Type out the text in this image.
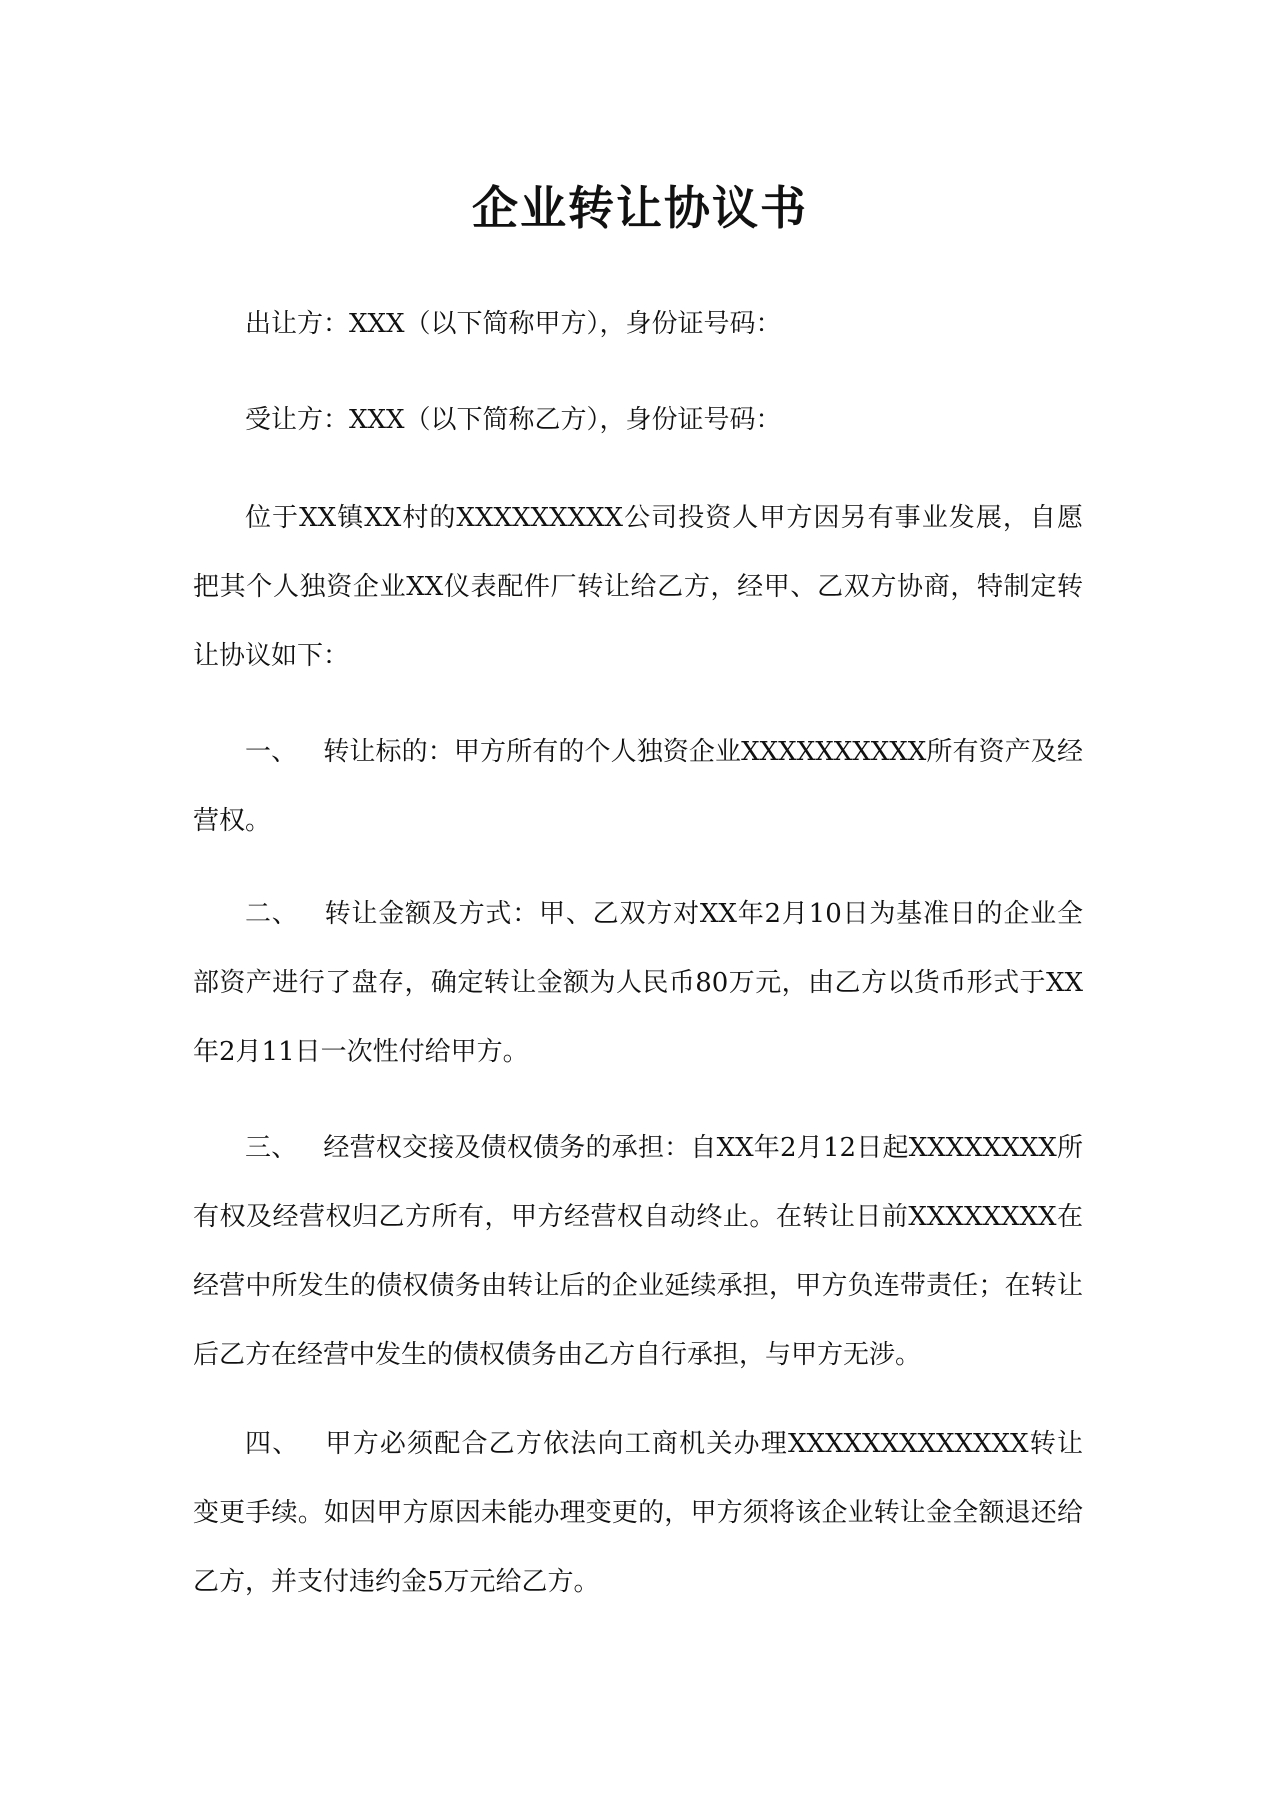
企业转让协议书

出让方：XXX（以下简称甲方），身份证号码：

受让方：XXX（以下简称乙方），身份证号码：

位于XX镇XX村的XXXXXXXXX公司投资人甲方因另有事业发展，自愿把其个人独资企业XX仪表配件厂转让给乙方，经甲、乙双方协商，特制定转让协议如下：

一、 转让标的：甲方所有的个人独资企业XXXXXXXXXX所有资产及经营权。

二、 转让金额及方式：甲、乙双方对XX年2月10日为基准日的企业全部资产进行了盘存，确定转让金额为人民币80万元，由乙方以货币形式于XX年2月11日一次性付给甲方。

三、 经营权交接及债权债务的承担：自XX年2月12日起XXXXXXXX所有权及经营权归乙方所有，甲方经营权自动终止。在转让日前XXXXXXXX在经营中所发生的债权债务由转让后的企业延续承担，甲方负连带责任；在转让后乙方在经营中发生的债权债务由乙方自行承担，与甲方无涉。

四、 甲方必须配合乙方依法向工商机关办理XXXXXXXXXXXXX转让变更手续。如因甲方原因未能办理变更的，甲方须将该企业转让金全额退还给乙方，并支付违约金5万元给乙方。
